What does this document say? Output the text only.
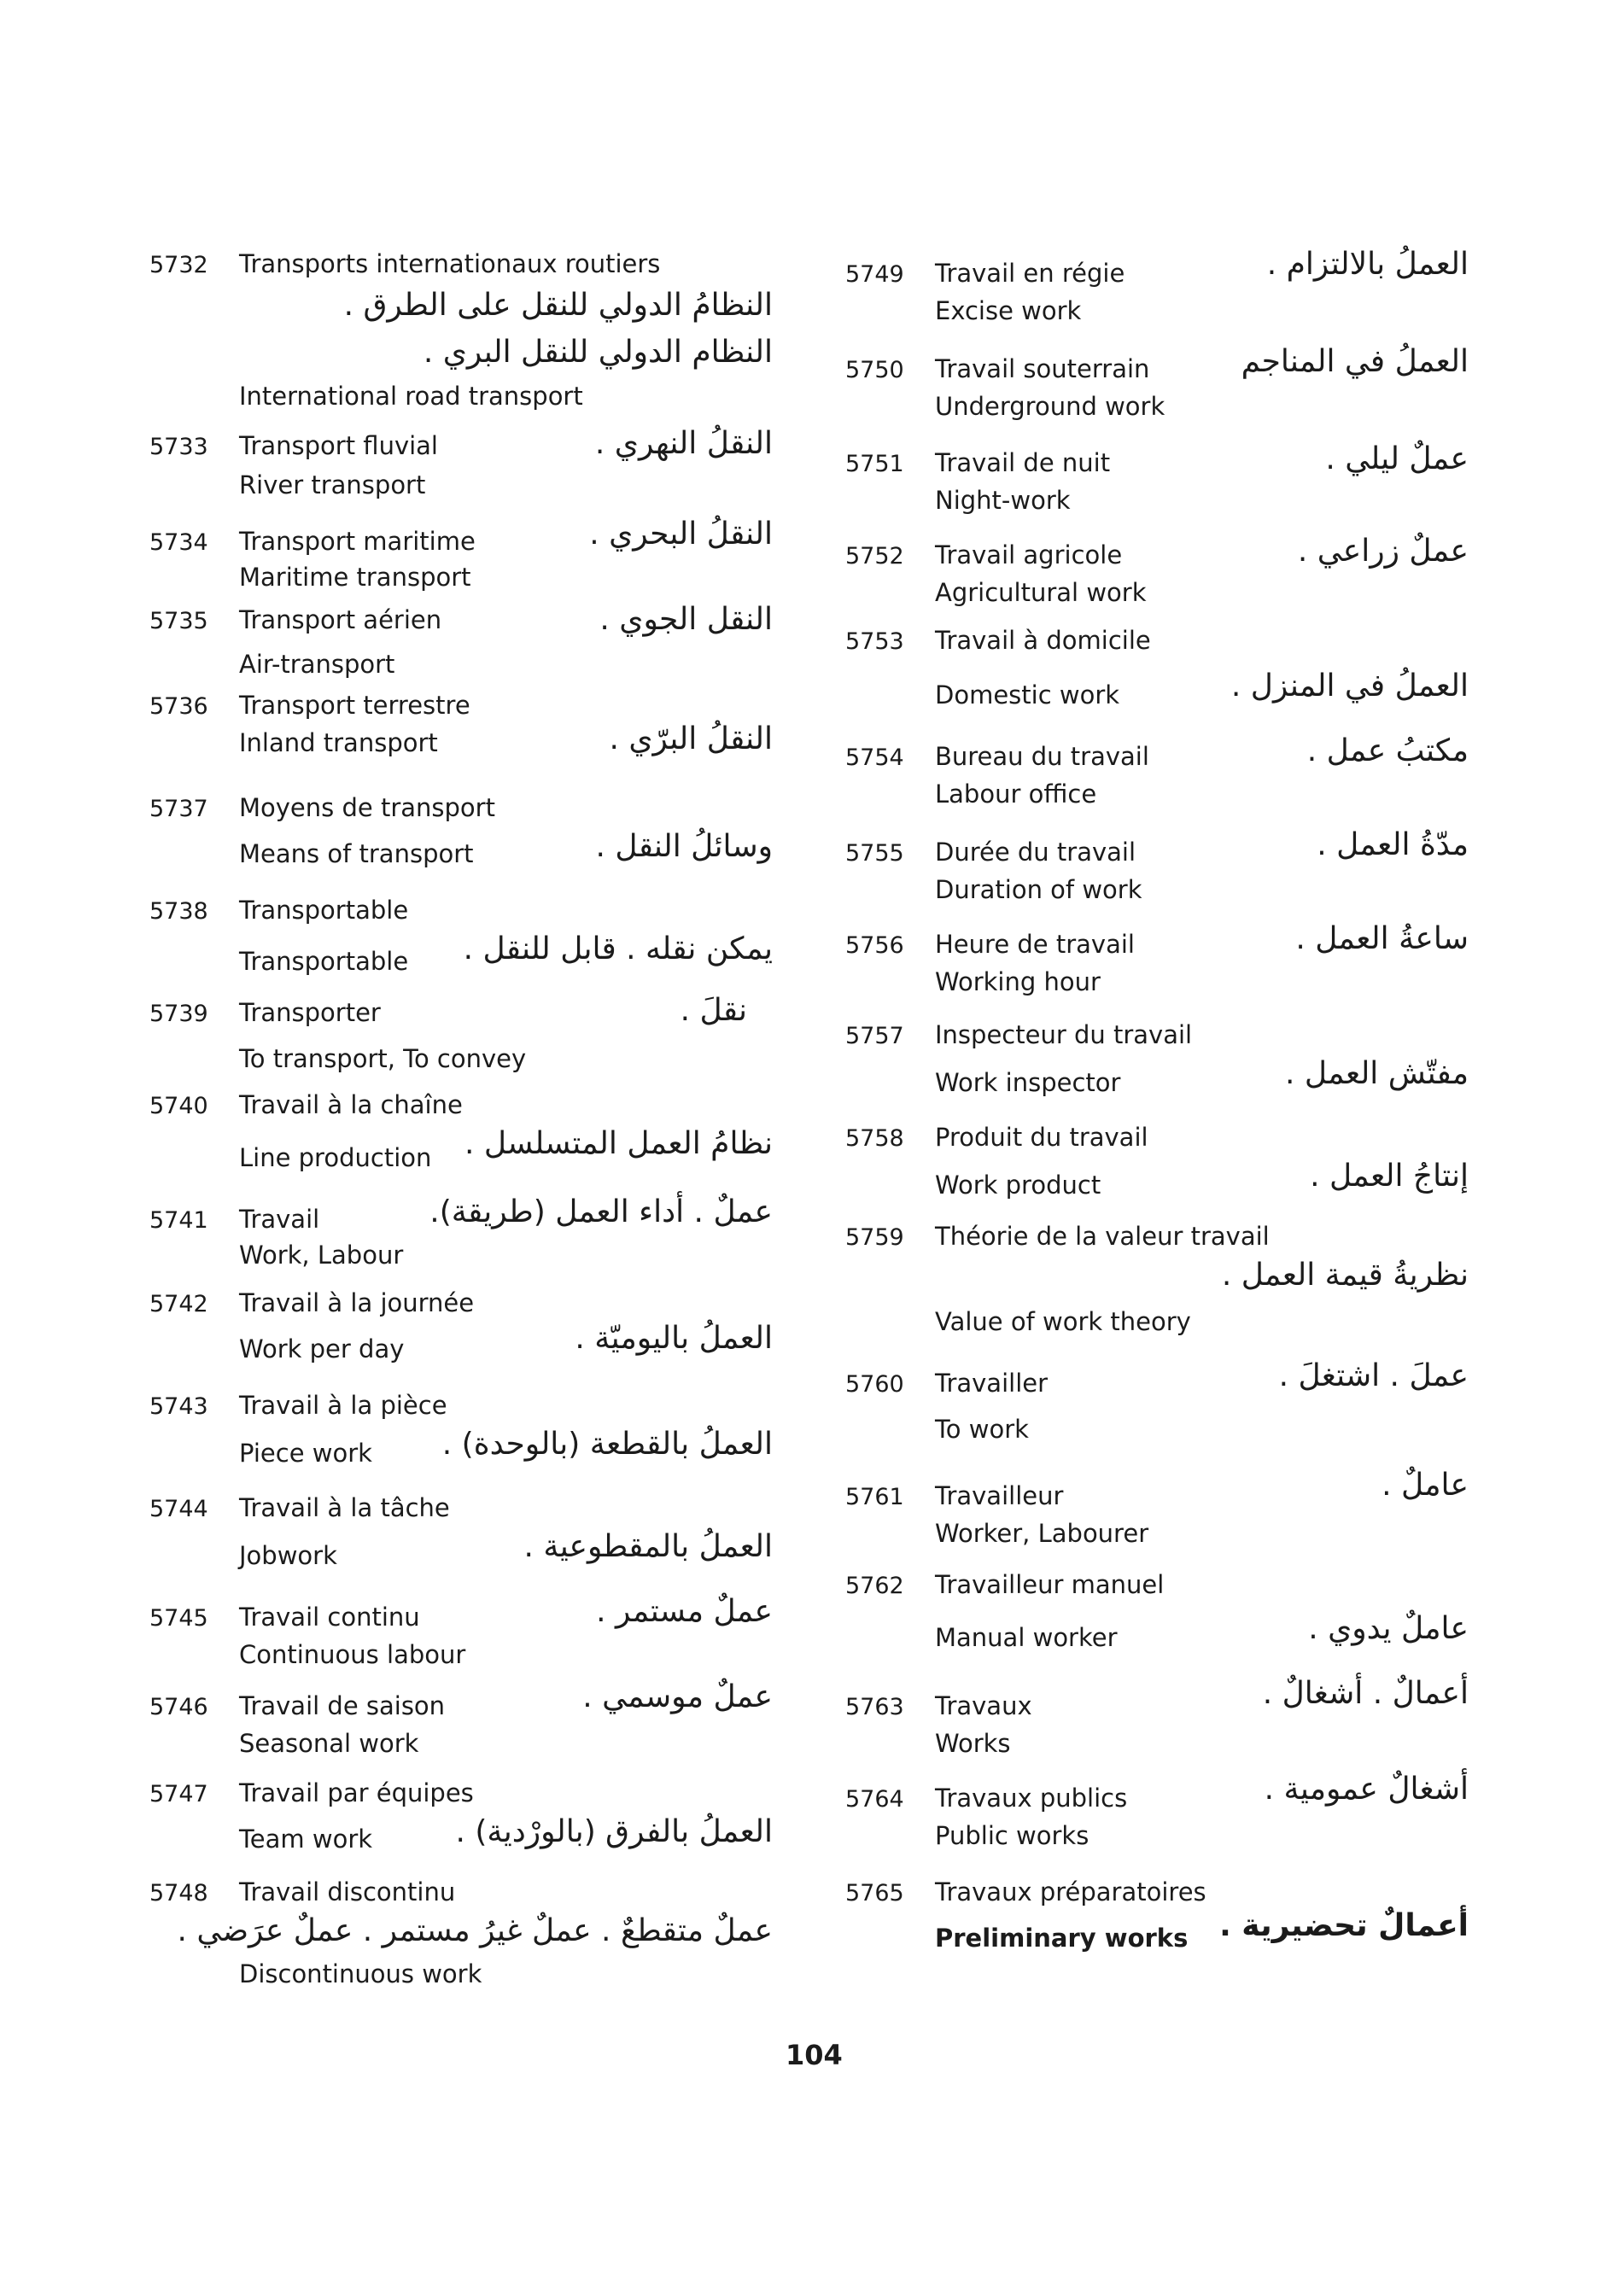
5732 Transports internationaux routiers
النظامُ الدولي للنقل على الطرق .
النظام الدولي للنقل البري .
International road transport
5733 Transport fluvial	النقلُ النهري .
River transport
5734 Transport maritime	النقلُ البحري .
Maritime transport
5735 Transport aérien	النقل الجوي .
Air-transport
5736 Transport terrestre
النقلُ البرّي .
Inland transport
5737 Moyens de transport
وسائلُ النقل .
Means of transport
5738 Transportable
يمكن نقله . قابل للنقل .
Transportable
5739 Transporter	نقلَ .
To transport, To convey
5740 Travail à la chaîne
نظامُ العمل المتسلسل .
Line production
5741 Travail	عملٌ . أداء العمل (طريقة).
Work, Labour
5742 Travail à la journée
العملُ باليوميّة .
Work per day
5743 Travail à la pièce
العملُ بالقطعة (بالوحدة) .
Piece work
5744 Travail à la tâche
العملُ بالمقطوعية .
Jobwork
5745 Travail continu	عملٌ مستمر .
Continuous labour
5746 Travail de saison	عملٌ موسمي .
Seasonal work
5747 Travail par équipes
العملُ بالفرق (بالورْدية) .
Team work
5748 Travail discontinu
عملٌ متقطعٌ . عملٌ غيرُ مستمر . عملٌ عرَضي .
Discontinuous work
5749 Travail en régie	العملُ بالالتزام .
Excise work
5750 Travail souterrain	العملُ في المناجم
Underground work
5751 Travail de nuit	عملٌ ليلي .
Night-work
5752 Travail agricole	عملٌ زراعي .
Agricultural work
5753 Travail à domicile
العملُ في المنزل .
Domestic work
5754 Bureau du travail	مكتبُ عمل .
Labour office
5755 Durée du travail	مدّةُ العمل .
Duration of work
5756 Heure de travail	ساعةُ العمل .
Working hour
5757 Inspecteur du travail
مفتّش العمل .
Work inspector
5758 Produit du travail
إنتاجُ العمل .
Work product
5759 Théorie de la valeur travail
نظريةُ قيمة العمل .
Value of work theory
5760 Travailler	عملَ . اشتغلَ .
To work
5761 Travailleur	عاملٌ .
Worker, Labourer
5762 Travailleur manuel
عاملٌ يدوي .
Manual worker
5763 Travaux	أعمالٌ . أشغالٌ .
Works
5764 Travaux publics	أشغالٌ عمومية .
Public works
5765 Travaux préparatoires
أعمالٌ تحضيرية .
Preliminary works
104
